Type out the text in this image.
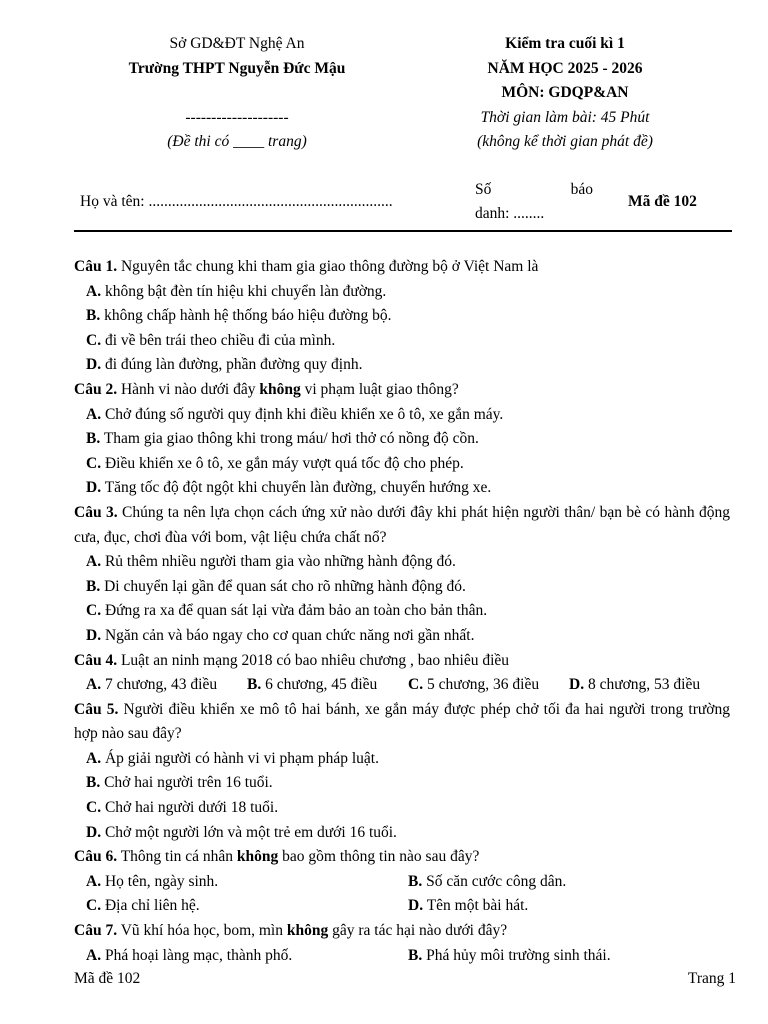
Sở GD&ĐT Nghệ An
Trường THPT Nguyễn Đức Mậu

--------------------
(Đề thi có ____ trang)
Kiểm tra cuối kì 1
NĂM HỌC 2025 - 2026
MÔN: GDQP&AN
Thời gian làm bài: 45 Phút
(không kể thời gian phát đề)
Họ và tên: ...............................................................
Số	báo
danh: ........
Mã đề 102
Câu 1. Nguyên tắc chung khi tham gia giao thông đường bộ ở Việt Nam là
A. không bật đèn tín hiệu khi chuyển làn đường.
B. không chấp hành hệ thống báo hiệu đường bộ.
C. đi về bên trái theo chiều đi của mình.
D. đi đúng làn đường, phần đường quy định.
Câu 2. Hành vi nào dưới đây không vi phạm luật giao thông?
A. Chở đúng số người quy định khi điều khiển xe ô tô, xe gắn máy.
B. Tham gia giao thông khi trong máu/ hơi thở có nồng độ cồn.
C. Điều khiển xe ô tô, xe gắn máy vượt quá tốc độ cho phép.
D. Tăng tốc độ đột ngột khi chuyển làn đường, chuyển hướng xe.
Câu 3. Chúng ta nên lựa chọn cách ứng xử nào dưới đây khi phát hiện người thân/ bạn bè có hành động cưa, đục, chơi đùa với bom, vật liệu chứa chất nổ?
A. Rủ thêm nhiều người tham gia vào những hành động đó.
B. Di chuyển lại gần để quan sát cho rõ những hành động đó.
C. Đứng ra xa để quan sát lại vừa đảm bảo an toàn cho bản thân.
D. Ngăn cản và báo ngay cho cơ quan chức năng nơi gần nhất.
Câu 4. Luật an ninh mạng 2018 có bao nhiêu chương , bao nhiêu điều
A. 7 chương, 43 điều	B. 6 chương, 45 điều	C. 5 chương, 36 điều	D. 8 chương, 53 điều
Câu 5. Người điều khiển xe mô tô hai bánh, xe gắn máy được phép chở tối đa hai người trong trường hợp nào sau đây?
A. Áp giải người có hành vi vi phạm pháp luật.
B. Chở hai người trên 16 tuổi.
C. Chở hai người dưới 18 tuổi.
D. Chở một người lớn và một trẻ em dưới 16 tuổi.
Câu 6. Thông tin cá nhân không bao gồm thông tin nào sau đây?
A. Họ tên, ngày sinh.	B. Số căn cước công dân.
C. Địa chỉ liên hệ.	D. Tên một bài hát.
Câu 7. Vũ khí hóa học, bom, mìn không gây ra tác hại nào dưới đây?
A. Phá hoại làng mạc, thành phố.	B. Phá hủy môi trường sinh thái.
Mã đề 102	Trang 1
